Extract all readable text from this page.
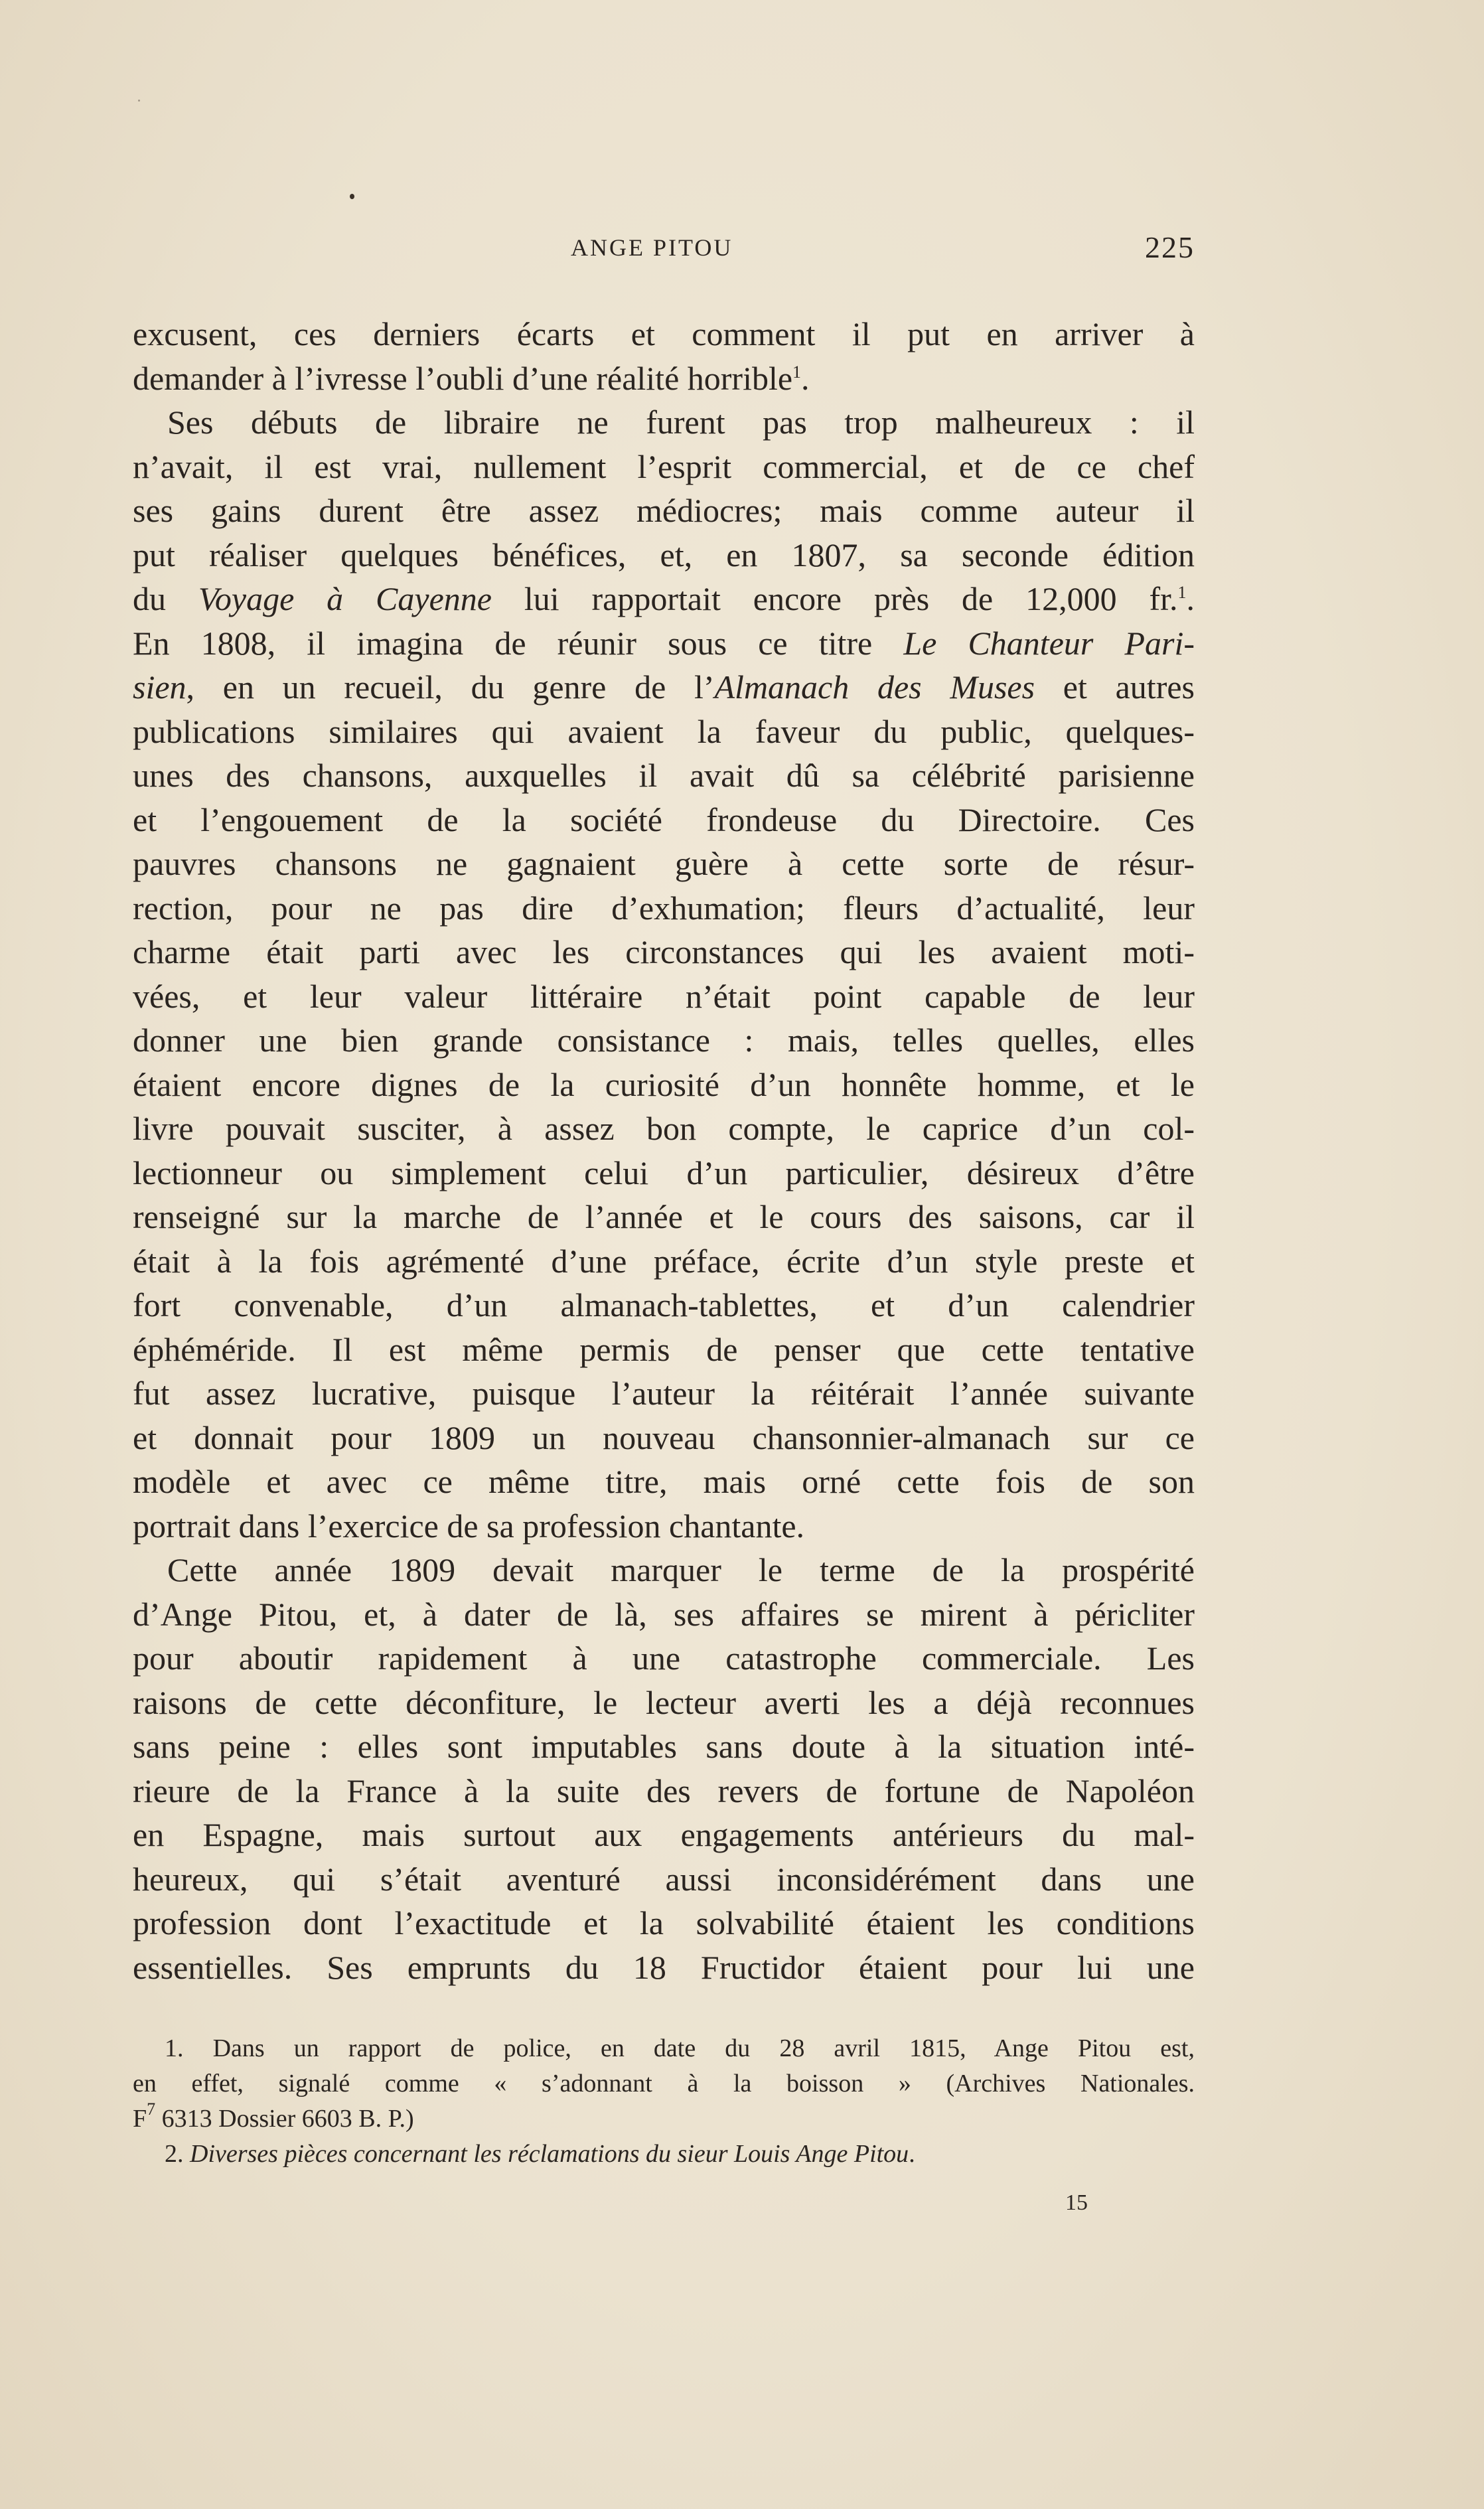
ANGE PITOU	225
excusent, ces derniers écarts et comment il put en arriver à
demander à l’ivresse l’oubli d’une réalité horrible$^1$.
Ses débuts de libraire ne furent pas trop malheureux : il
n’avait, il est vrai, nullement l’esprit commercial, et de ce chef
ses gains durent être assez médiocres; mais comme auteur il
put réaliser quelques bénéfices, et, en 1807, sa seconde édition
du Voyage à Cayenne lui rapportait encore près de 12,000 fr.$^1$.
En 1808, il imagina de réunir sous ce titre Le Chanteur Pari-
sien, en un recueil, du genre de l’Almanach des Muses et autres
publications similaires qui avaient la faveur du public, quelques-
unes des chansons, auxquelles il avait dû sa célébrité parisienne
et l’engouement de la société frondeuse du Directoire. Ces
pauvres chansons ne gagnaient guère à cette sorte de résur-
rection, pour ne pas dire d’exhumation; fleurs d’actualité, leur
charme était parti avec les circonstances qui les avaient moti-
vées, et leur valeur littéraire n’était point capable de leur
donner une bien grande consistance : mais, telles quelles, elles
étaient encore dignes de la curiosité d’un honnête homme, et le
livre pouvait susciter, à assez bon compte, le caprice d’un col-
lectionneur ou simplement celui d’un particulier, désireux d’être
renseigné sur la marche de l’année et le cours des saisons, car il
était à la fois agrémenté d’une préface, écrite d’un style preste et
fort convenable, d’un almanach-tablettes, et d’un calendrier
éphéméride. Il est même permis de penser que cette tentative
fut assez lucrative, puisque l’auteur la réitérait l’année suivante
et donnait pour 1809 un nouveau chansonnier-almanach sur ce
modèle et avec ce même titre, mais orné cette fois de son
portrait dans l’exercice de sa profession chantante.
Cette année 1809 devait marquer le terme de la prospérité
d’Ange Pitou, et, à dater de là, ses affaires se mirent à péricliter
pour aboutir rapidement à une catastrophe commerciale. Les
raisons de cette déconfiture, le lecteur averti les a déjà reconnues
sans peine : elles sont imputables sans doute à la situation inté-
rieure de la France à la suite des revers de fortune de Napoléon
en Espagne, mais surtout aux engagements antérieurs du mal-
heureux, qui s’était aventuré aussi inconsidérément dans une
profession dont l’exactitude et la solvabilité étaient les conditions
essentielles. Ses emprunts du 18 Fructidor étaient pour lui une
1. Dans un rapport de police, en date du 28 avril 1815, Ange Pitou est,
en effet, signalé comme « s’adonnant à la boisson » (Archives Nationales.
$F^7$ 6313 Dossier 6603 B. P.)
2. Diverses pièces concernant les réclamations du sieur Louis Ange Pitou.
15
